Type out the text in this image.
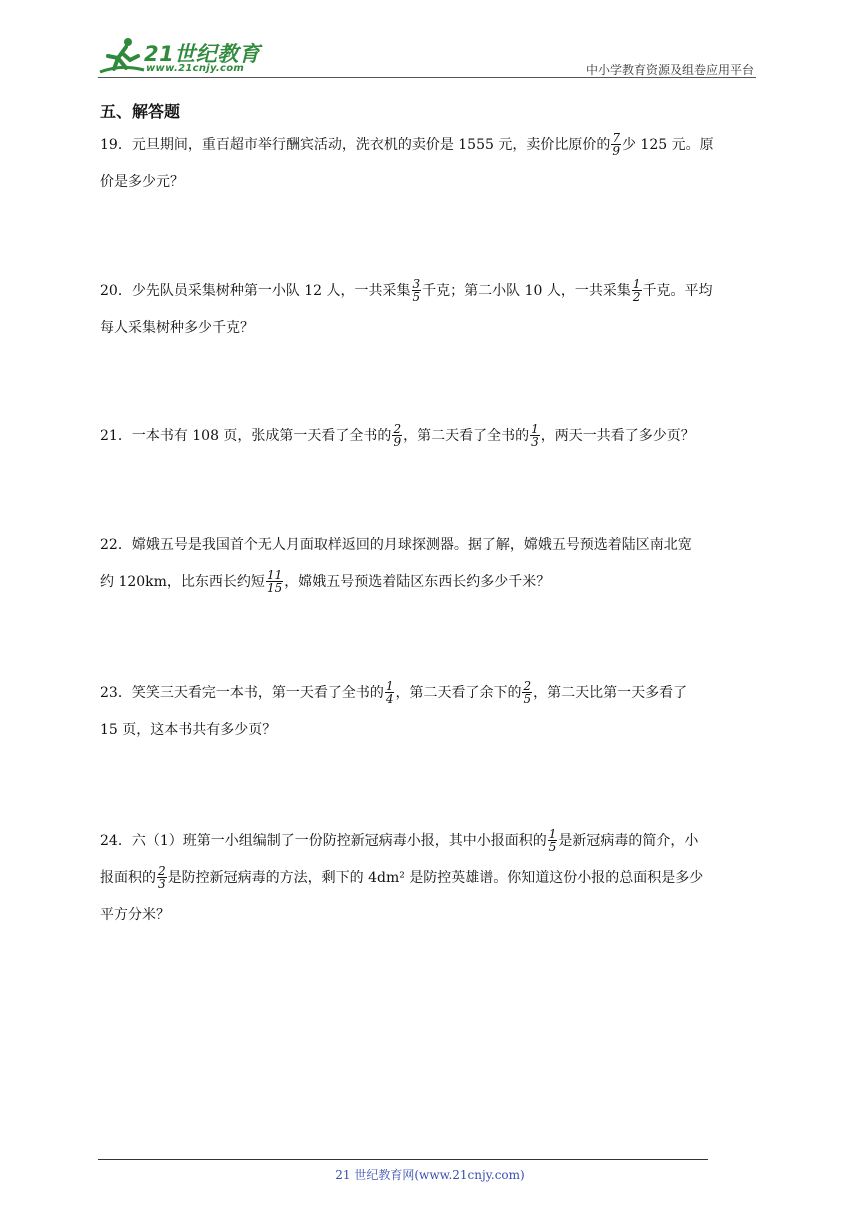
21世纪教育
www.21cnjy.com	中小学教育资源及组卷应用平台
五、解答题
19．元旦期间，重百超市举行酬宾活动，洗衣机的卖价是 1555 元，卖价比原价的 $\frac{7}{9}$ 少 125 元。原
价是多少元？
20．少先队员采集树种第一小队 12 人，一共采集 $\frac{3}{5}$ 千克；第二小队 10 人，一共采集 $\frac{1}{2}$ 千克。平均
每人采集树种多少千克？
21．一本书有 108 页，张成第一天看了全书的 $\frac{2}{9}$ ，第二天看了全书的 $\frac{1}{3}$ ，两天一共看了多少页？
22．嫦娥五号是我国首个无人月面取样返回的月球探测器。据了解，嫦娥五号预选着陆区南北宽
约 120km，比东西长约短 $\frac{11}{15}$ ，嫦娥五号预选着陆区东西长约多少千米？
23．笑笑三天看完一本书，第一天看了全书的 $\frac{1}{4}$ ，第二天看了余下的 $\frac{2}{5}$ ，第二天比第一天多看了
15 页，这本书共有多少页？
24．六（1）班第一小组编制了一份防控新冠病毒小报，其中小报面积的 $\frac{1}{5}$ 是新冠病毒的简介，小
报面积的 $\frac{2}{3}$ 是防控新冠病毒的方法，剩下的 4dm² 是防控英雄谱。你知道这份小报的总面积是多少
平方分米？
21 世纪教育网(www.21cnjy.com)
